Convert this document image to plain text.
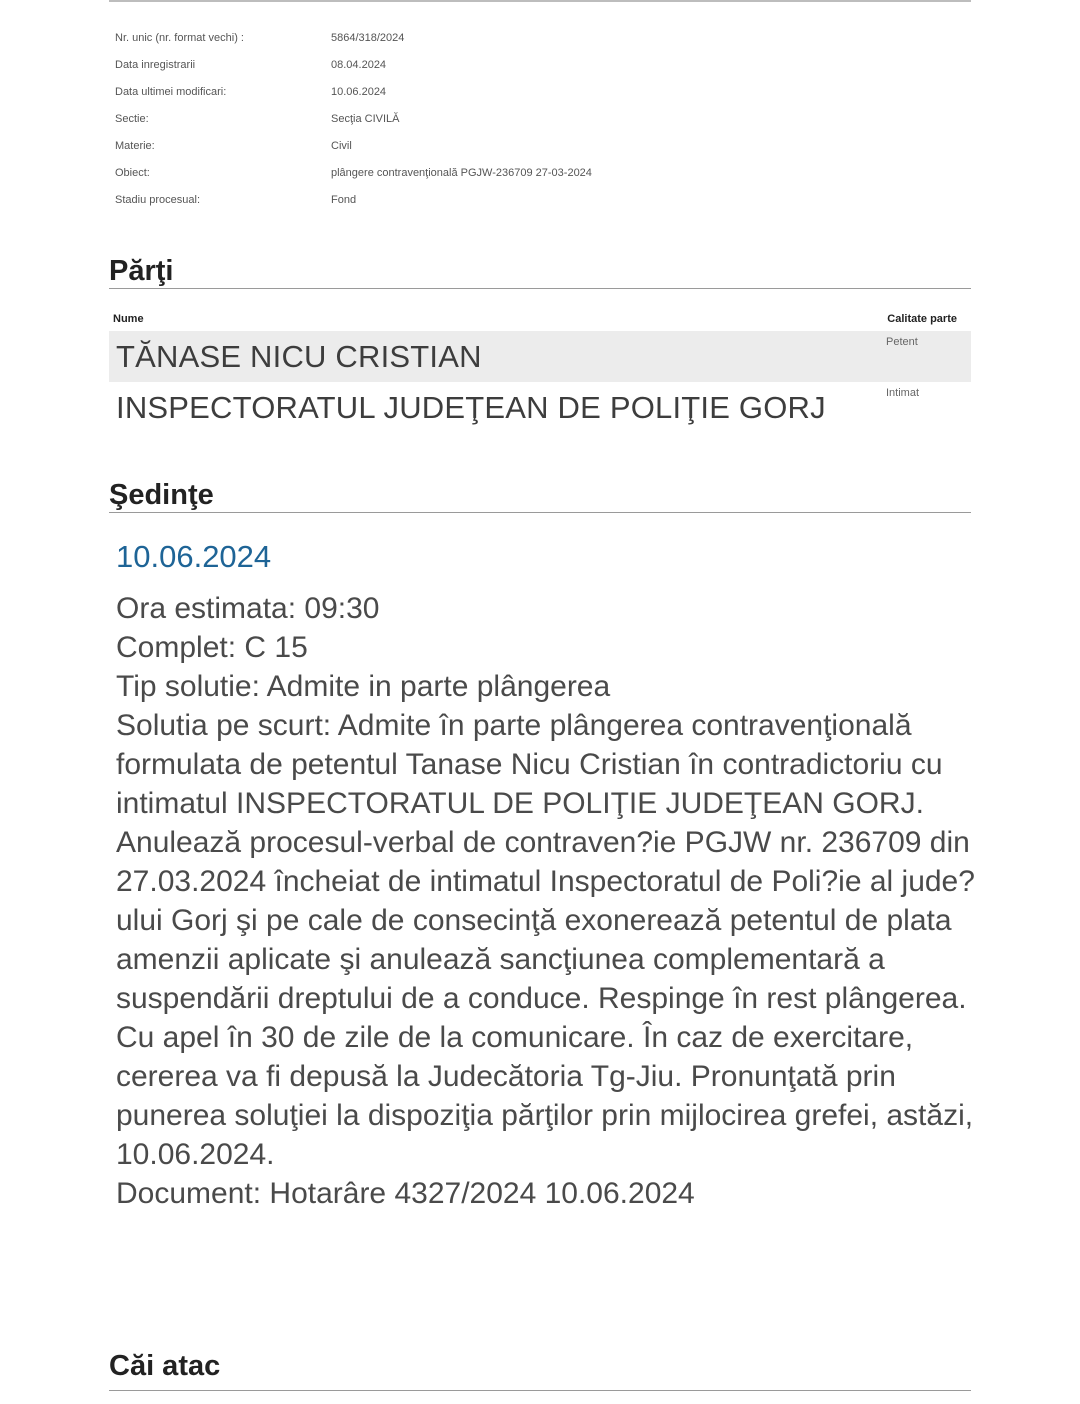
Nr. unic (nr. format vechi) :	5864/318/2024
Data inregistrarii	08.04.2024
Data ultimei modificari:	10.06.2024
Sectie:	Secţia CIVILĂ
Materie:	Civil
Obiect:	plângere contravenţională PGJW-236709 27-03-2024
Stadiu procesual:	Fond
Părţi
Nume	Calitate parte
TĂNASE NICU CRISTIAN	Petent
INSPECTORATUL JUDEŢEAN DE POLIŢIE GORJ	Intimat
Şedinţe
10.06.2024
Ora estimata: 09:30
Complet: C 15
Tip solutie: Admite in parte plângerea
Solutia pe scurt: Admite în parte plângerea contravenţională formulata de petentul Tanase Nicu Cristian în contradictoriu cu intimatul INSPECTORATUL DE POLIŢIE JUDEŢEAN GORJ. Anulează procesul-verbal de contraven?ie PGJW nr. 236709 din 27.03.2024 încheiat de intimatul Inspectoratul de Poli?ie al jude?ului Gorj şi pe cale de consecinţă exonerează petentul de plata amenzii aplicate şi anulează sancţiunea complementară a suspendării dreptului de a conduce. Respinge în rest plângerea. Cu apel în 30 de zile de la comunicare. În caz de exercitare, cererea va fi depusă la Judecătoria Tg-Jiu. Pronunţată prin punerea soluţiei la dispoziţia părţilor prin mijlocirea grefei, astăzi, 10.06.2024.
Document: Hotarâre 4327/2024 10.06.2024
Căi atac
